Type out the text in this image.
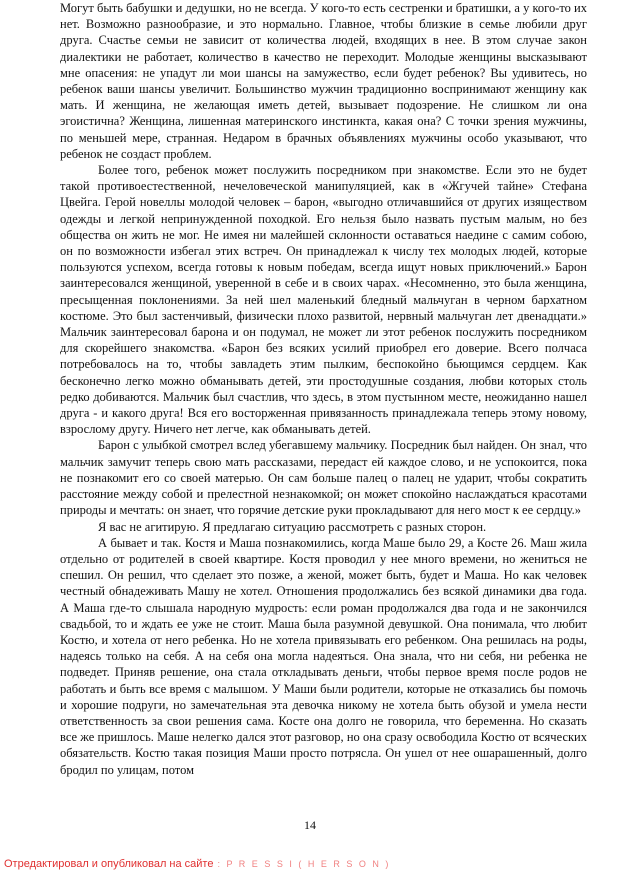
Могут быть бабушки и дедушки, но не всегда. У кого-то есть сестренки и братишки, а у кого-то их нет. Возможно разнообразие, и это нормально. Главное, чтобы близкие в семье любили друг друга. Счастье семьи не зависит от количества людей, входящих в нее. В этом случае закон диалектики не работает, количество в качество не переходит. Молодые женщины высказывают мне опасения: не упадут ли мои шансы на замужество, если будет ребенок? Вы удивитесь, но ребенок ваши шансы увеличит. Большинство мужчин традиционно воспринимают женщину как мать. И женщина, не желающая иметь детей, вызывает подозрение. Не слишком ли она эгоистична? Женщина, лишенная материнского инстинкта, какая она? С точки зрения мужчины, по меньшей мере, странная. Недаром в брачных объявлениях мужчины особо указывают, что ребенок не создаст проблем.

Более того, ребенок может послужить посредником при знакомстве. Если это не будет такой противоестественной, нечеловеческой манипуляцией, как в «Жгучей тайне» Стефана Цвейга. Герой новеллы молодой человек – барон, «выгодно отличавшийся от других изяществом одежды и легкой непринужденной походкой. Его нельзя было назвать пустым малым, но без общества он жить не мог. Не имея ни малейшей склонности оставаться наедине с самим собою, он по возможности избегал этих встреч. Он принадлежал к числу тех молодых людей, которые пользуются успехом, всегда готовы к новым победам, всегда ищут новых приключений.» Барон заинтересовался женщиной, уверенной в себе и в своих чарах. «Несомненно, это была женщина, пресыщенная поклонениями. За ней шел маленький бледный мальчуган в черном бархатном костюме. Это был застенчивый, физически плохо развитой, нервный мальчуган лет двенадцати.» Мальчик заинтересовал барона и он подумал, не может ли этот ребенок послужить посредником для скорейшего знакомства. «Барон без всяких усилий приобрел его доверие. Всего полчаса потребовалось на то, чтобы завладеть этим пылким, беспокойно бьющимся сердцем. Как бесконечно легко можно обманывать детей, эти простодушные создания, любви которых столь редко добиваются. Мальчик был счастлив, что здесь, в этом пустынном месте, неожиданно нашел друга - и какого друга! Вся его восторженная привязанность принадлежала теперь этому новому, взрослому другу. Ничего нет легче, как обманывать детей.

Барон с улыбкой смотрел вслед убегавшему мальчику. Посредник был найден. Он знал, что мальчик замучит теперь свою мать рассказами, передаст ей каждое слово, и не успокоится, пока не познакомит его со своей матерью. Он сам больше палец о палец не ударит, чтобы сократить расстояние между собой и прелестной незнакомкой; он может спокойно наслаждаться красотами природы и мечтать: он знает, что горячие детские руки прокладывают для него мост к ее сердцу.»

Я вас не агитирую. Я предлагаю ситуацию рассмотреть с разных сторон.

А бывает и так. Костя и Маша познакомились, когда Маше было 29, а Косте 26. Маш жила отдельно от родителей в своей квартире. Костя проводил у нее много времени, но жениться не спешил. Он решил, что сделает это позже, а женой, может быть, будет и Маша. Но как человек честный обнадеживать Машу не хотел. Отношения продолжались без всякой динамики два года. А Маша где-то слышала народную мудрость: если роман продолжался два года и не закончился свадьбой, то и ждать ее уже не стоит. Маша была разумной девушкой. Она понимала, что любит Костю, и хотела от него ребенка. Но не хотела привязывать его ребенком. Она решилась на роды, надеясь только на себя. А на себя она могла надеяться. Она знала, что ни себя, ни ребенка не подведет. Приняв решение, она стала откладывать деньги, чтобы первое время после родов не работать и быть все время с малышом. У Маши были родители, которые не отказались бы помочь и хорошие подруги, но замечательная эта девочка никому не хотела быть обузой и умела нести ответственность за свои решения сама. Косте она долго не говорила, что беременна. Но сказать все же пришлось. Маше нелегко дался этот разговор, но она сразу освободила Костю от всяческих обязательств. Костю такая позиция Маши просто потрясла. Он ушел от нее ошарашенный, долго бродил по улицам, потом

14
Отредактировал и опубликовал на сайте : P R E S S I ( H E R S O N )
